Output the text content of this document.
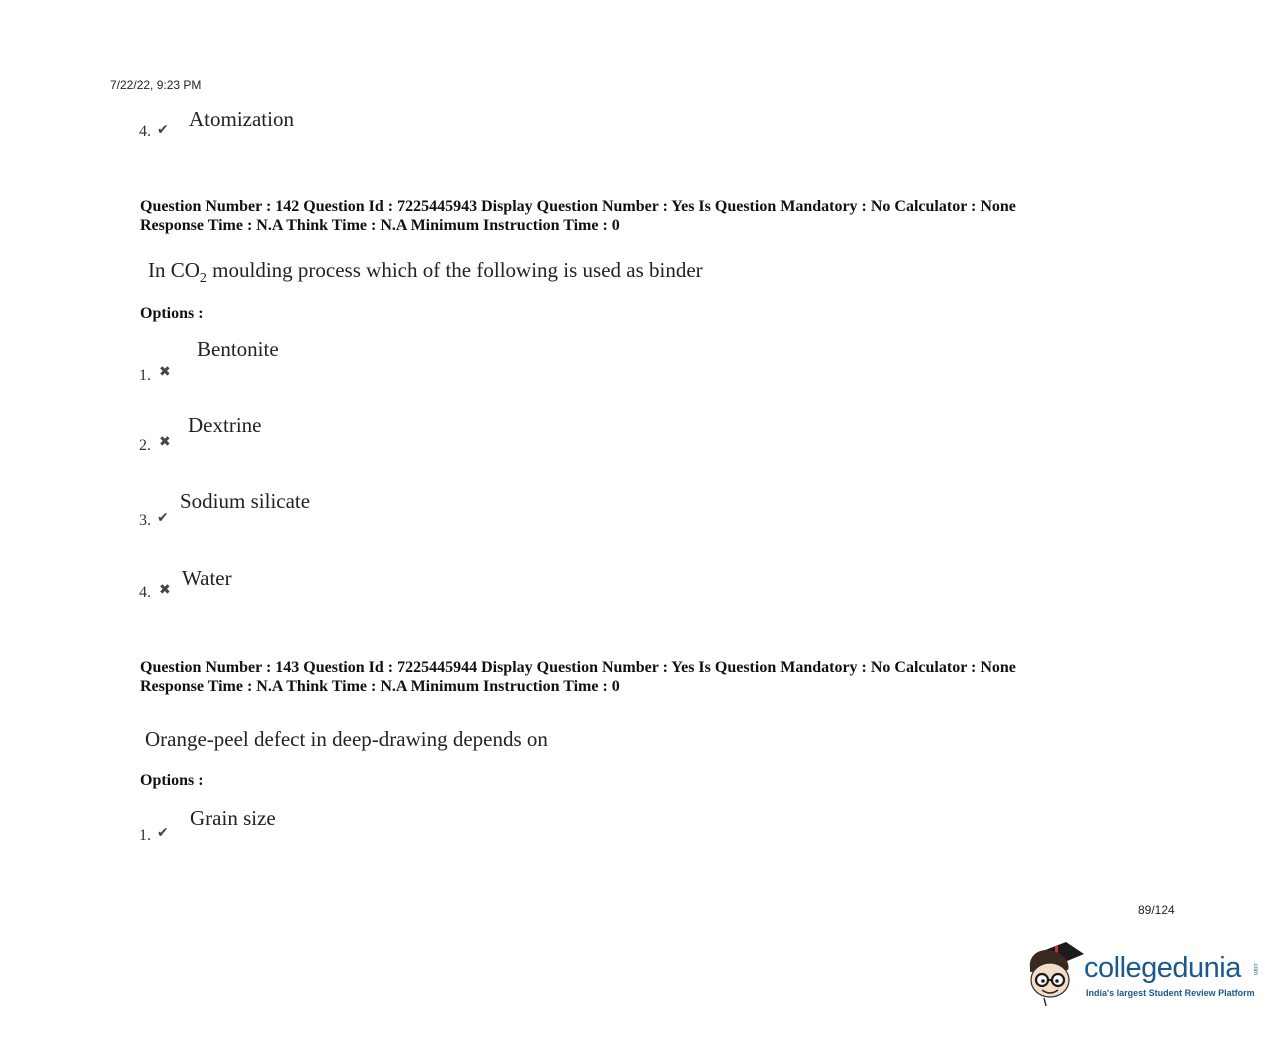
7/22/22, 9:23 PM
4. ✔ Atomization
Question Number : 142 Question Id : 7225445943 Display Question Number : Yes Is Question Mandatory : No Calculator : None
Response Time : N.A Think Time : N.A Minimum Instruction Time : 0
In $CO_2$ moulding process which of the following is used as binder
Options :
1. ✖
Bentonite
2. ✖
Dextrine
3. ✔
Sodium silicate
4. ✖ Water
Question Number : 143 Question Id : 7225445944 Display Question Number : Yes Is Question Mandatory : No Calculator : None
Response Time : N.A Think Time : N.A Minimum Instruction Time : 0
Orange-peel defect in deep-drawing depends on
Options :
1. ✔
Grain size
89/124
collegedunia .com
India's largest Student Review Platform
